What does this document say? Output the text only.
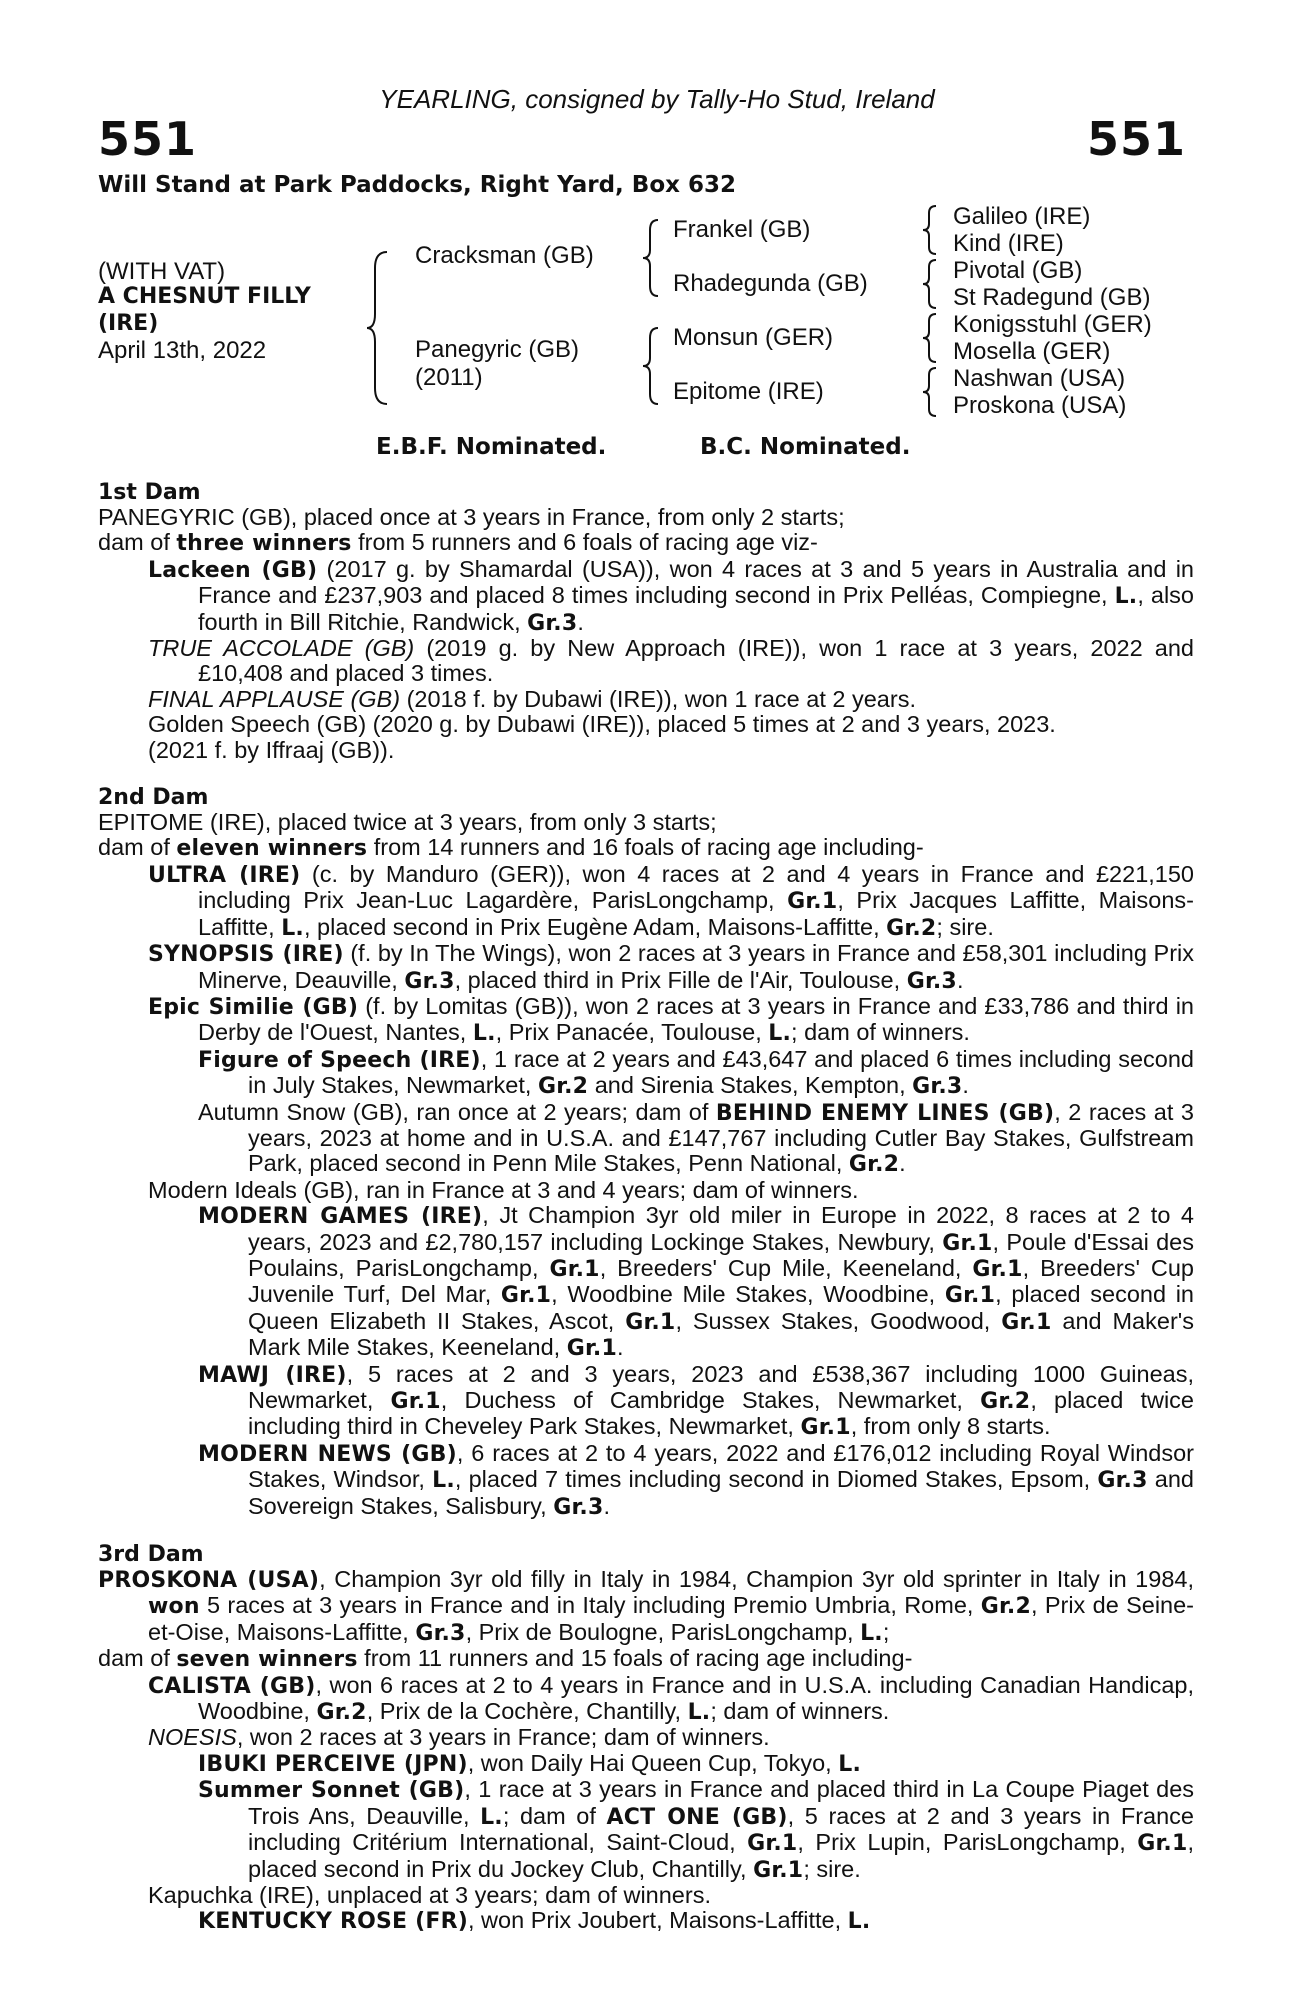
YEARLING, consigned by Tally-Ho Stud, Ireland
551	551
Will Stand at Park Paddocks, Right Yard, Box 632
(WITH VAT)
A CHESNUT FILLY
(IRE)
April 13th, 2022
Cracksman (GB)
Panegyric (GB)
(2011)
Frankel (GB)
Rhadegunda (GB)
Monsun (GER)
Epitome (IRE)
Galileo (IRE)
Kind (IRE)
Pivotal (GB)
St Radegund (GB)
Konigsstuhl (GER)
Mosella (GER)
Nashwan (USA)
Proskona (USA)
E.B.F. Nominated.	B.C. Nominated.
1st Dam

PANEGYRIC (GB), placed once at 3 years in France, from only 2 starts;

dam of three winners from 5 runners and 6 foals of racing age viz-

Lackeen (GB) (2017 g. by Shamardal (USA)), won 4 races at 3 and 5 years in Australia and in France and £237,903 and placed 8 times including second in Prix Pelléas, Compiegne, L., also fourth in Bill Ritchie, Randwick, Gr.3.

TRUE ACCOLADE (GB) (2019 g. by New Approach (IRE)), won 1 race at 3 years, 2022 and £10,408 and placed 3 times.

FINAL APPLAUSE (GB) (2018 f. by Dubawi (IRE)), won 1 race at 2 years.

Golden Speech (GB) (2020 g. by Dubawi (IRE)), placed 5 times at 2 and 3 years, 2023.

(2021 f. by Iffraaj (GB)).

2nd Dam

EPITOME (IRE), placed twice at 3 years, from only 3 starts;

dam of eleven winners from 14 runners and 16 foals of racing age including-

ULTRA (IRE) (c. by Manduro (GER)), won 4 races at 2 and 4 years in France and £221,150 including Prix Jean-Luc Lagardère, ParisLongchamp, Gr.1, Prix Jacques Laffitte, Maisons-Laffitte, L., placed second in Prix Eugène Adam, Maisons-Laffitte, Gr.2; sire.

SYNOPSIS (IRE) (f. by In The Wings), won 2 races at 3 years in France and £58,301 including Prix Minerve, Deauville, Gr.3, placed third in Prix Fille de l'Air, Toulouse, Gr.3.

Epic Similie (GB) (f. by Lomitas (GB)), won 2 races at 3 years in France and £33,786 and third in Derby de l'Ouest, Nantes, L., Prix Panacée, Toulouse, L.; dam of winners.

Figure of Speech (IRE), 1 race at 2 years and £43,647 and placed 6 times including second in July Stakes, Newmarket, Gr.2 and Sirenia Stakes, Kempton, Gr.3.

Autumn Snow (GB), ran once at 2 years; dam of BEHIND ENEMY LINES (GB), 2 races at 3 years, 2023 at home and in U.S.A. and £147,767 including Cutler Bay Stakes, Gulfstream Park, placed second in Penn Mile Stakes, Penn National, Gr.2.

Modern Ideals (GB), ran in France at 3 and 4 years; dam of winners.

MODERN GAMES (IRE), Jt Champion 3yr old miler in Europe in 2022, 8 races at 2 to 4 years, 2023 and £2,780,157 including Lockinge Stakes, Newbury, Gr.1, Poule d'Essai des Poulains, ParisLongchamp, Gr.1, Breeders' Cup Mile, Keeneland, Gr.1, Breeders' Cup Juvenile Turf, Del Mar, Gr.1, Woodbine Mile Stakes, Woodbine, Gr.1, placed second in Queen Elizabeth II Stakes, Ascot, Gr.1, Sussex Stakes, Goodwood, Gr.1 and Maker's Mark Mile Stakes, Keeneland, Gr.1.

MAWJ (IRE), 5 races at 2 and 3 years, 2023 and £538,367 including 1000 Guineas, Newmarket, Gr.1, Duchess of Cambridge Stakes, Newmarket, Gr.2, placed twice including third in Cheveley Park Stakes, Newmarket, Gr.1, from only 8 starts.

MODERN NEWS (GB), 6 races at 2 to 4 years, 2022 and £176,012 including Royal Windsor Stakes, Windsor, L., placed 7 times including second in Diomed Stakes, Epsom, Gr.3 and Sovereign Stakes, Salisbury, Gr.3.

3rd Dam

PROSKONA (USA), Champion 3yr old filly in Italy in 1984, Champion 3yr old sprinter in Italy in 1984, won 5 races at 3 years in France and in Italy including Premio Umbria, Rome, Gr.2, Prix de Seine-et-Oise, Maisons-Laffitte, Gr.3, Prix de Boulogne, ParisLongchamp, L.;

dam of seven winners from 11 runners and 15 foals of racing age including-

CALISTA (GB), won 6 races at 2 to 4 years in France and in U.S.A. including Canadian Handicap, Woodbine, Gr.2, Prix de la Cochère, Chantilly, L.; dam of winners.

NOESIS, won 2 races at 3 years in France; dam of winners.

IBUKI PERCEIVE (JPN), won Daily Hai Queen Cup, Tokyo, L.

Summer Sonnet (GB), 1 race at 3 years in France and placed third in La Coupe Piaget des Trois Ans, Deauville, L.; dam of ACT ONE (GB), 5 races at 2 and 3 years in France including Critérium International, Saint-Cloud, Gr.1, Prix Lupin, ParisLongchamp, Gr.1, placed second in Prix du Jockey Club, Chantilly, Gr.1; sire.

Kapuchka (IRE), unplaced at 3 years; dam of winners.

KENTUCKY ROSE (FR), won Prix Joubert, Maisons-Laffitte, L.
